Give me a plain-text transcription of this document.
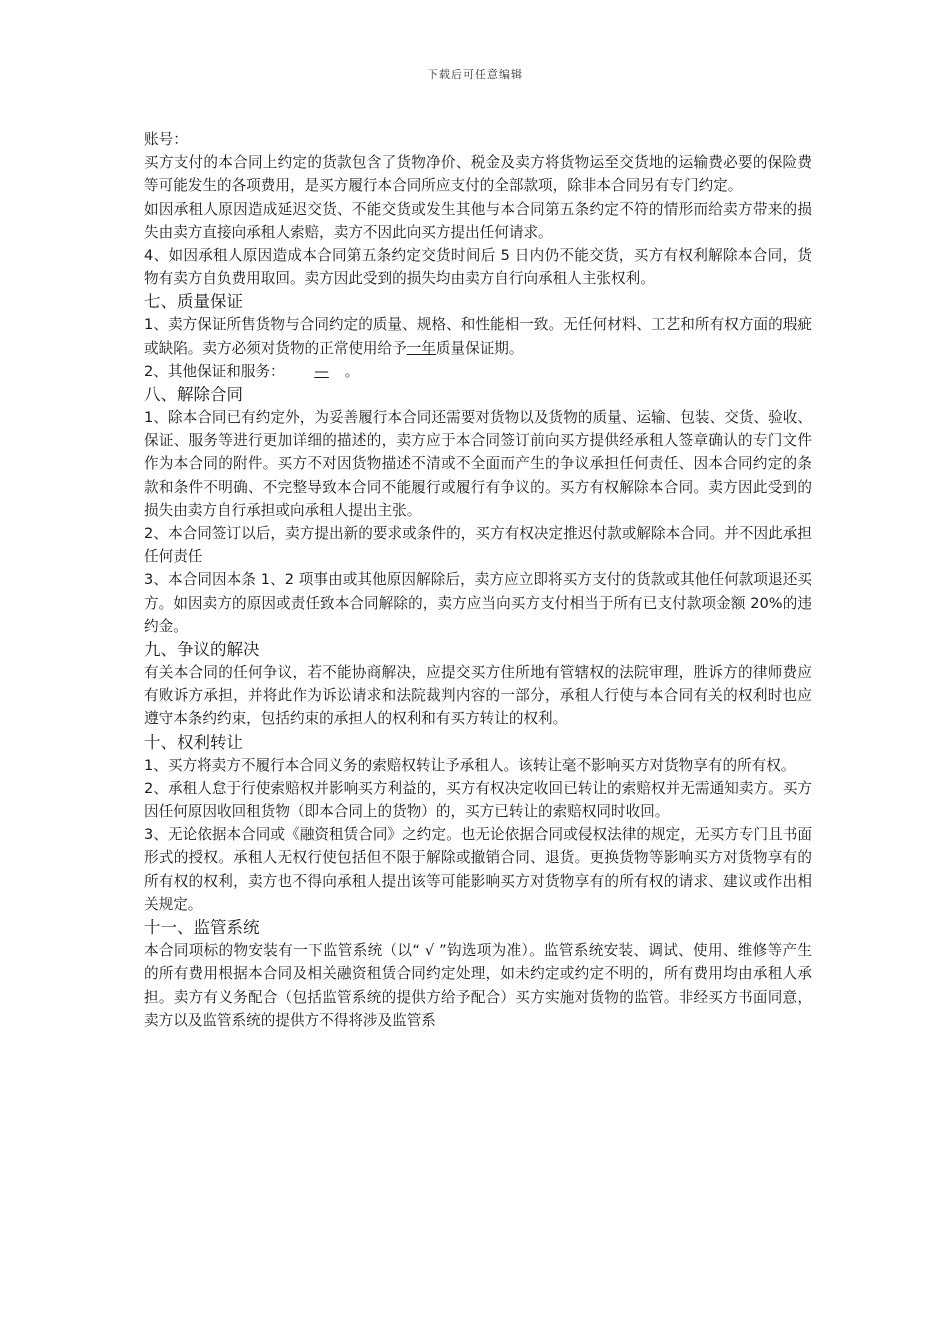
下载后可任意编辑

账号：

买方支付的本合同上约定的货款包含了货物净价、税金及卖方将货物运至交货地的运输费必要的保险费等可能发生的各项费用，是买方履行本合同所应支付的全部款项，除非本合同另有专门约定。

如因承租人原因造成延迟交货、不能交货或发生其他与本合同第五条约定不符的情形而给卖方带来的损失由卖方直接向承租人索赔，卖方不因此向买方提出任何请求。

4、如因承租人原因造成本合同第五条约定交货时间后 5 日内仍不能交货，买方有权利解除本合同，货物有卖方自负费用取回。卖方因此受到的损失均由卖方自行向承租人主张权利。

七、质量保证

1、卖方保证所售货物与合同约定的质量、规格、和性能相一致。无任何材料、工艺和所有权方面的瑕疵或缺陷。卖方必须对货物的正常使用给予一年质量保证期。

2、其他保证和服务： — 。

八、解除合同

1、除本合同已有约定外，为妥善履行本合同还需要对货物以及货物的质量、运输、包装、交货、验收、保证、服务等进行更加详细的描述的，卖方应于本合同签订前向买方提供经承租人签章确认的专门文件作为本合同的附件。买方不对因货物描述不清或不全面而产生的争议承担任何责任、因本合同约定的条款和条件不明确、不完整导致本合同不能履行或履行有争议的。买方有权解除本合同。卖方因此受到的损失由卖方自行承担或向承租人提出主张。

2、本合同签订以后，卖方提出新的要求或条件的，买方有权决定推迟付款或解除本合同。并不因此承担任何责任

3、本合同因本条 1、2 项事由或其他原因解除后，卖方应立即将买方支付的货款或其他任何款项退还买方。如因卖方的原因或责任致本合同解除的，卖方应当向买方支付相当于所有已支付款项金额 20%的违约金。

九、争议的解决

有关本合同的任何争议，若不能协商解决，应提交买方住所地有管辖权的法院审理，胜诉方的律师费应有败诉方承担，并将此作为诉讼请求和法院裁判内容的一部分，承租人行使与本合同有关的权利时也应遵守本条约约束，包括约束的承担人的权利和有买方转让的权利。

十、权利转让

1、买方将卖方不履行本合同义务的索赔权转让予承租人。该转让毫不影响买方对货物享有的所有权。

2、承租人怠于行使索赔权并影响买方利益的，买方有权决定收回已转让的索赔权并无需通知卖方。买方因任何原因收回租货物（即本合同上的货物）的，买方已转让的索赔权同时收回。

3、无论依据本合同或《融资租赁合同》之约定。也无论依据合同或侵权法律的规定，无买方专门且书面形式的授权。承租人无权行使包括但不限于解除或撤销合同、退货。更换货物等影响买方对货物享有的所有权的权利，卖方也不得向承租人提出该等可能影响买方对货物享有的所有权的请求、建议或作出相关规定。

十一、监管系统

本合同项标的物安装有一下监管系统（以“ √ ”钩选项为准）。监管系统安装、调试、使用、维修等产生的所有费用根据本合同及相关融资租赁合同约定处理，如未约定或约定不明的，所有费用均由承租人承担。卖方有义务配合（包括监管系统的提供方给予配合）买方实施对货物的监管。非经买方书面同意，卖方以及监管系统的提供方不得将涉及监管系
